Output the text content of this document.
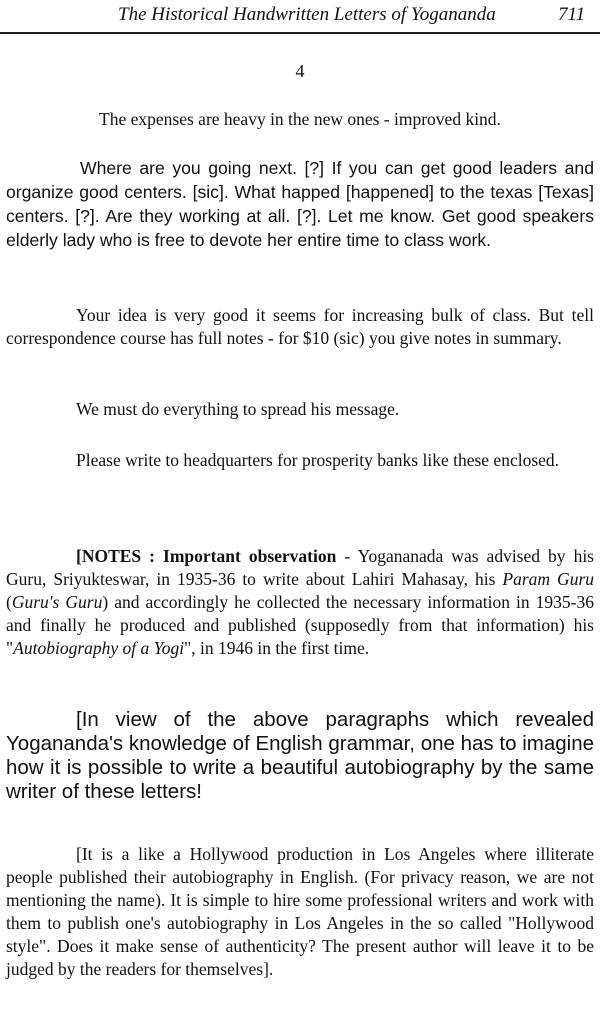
The Historical Handwritten Letters of Yogananda	711
4

The expenses are heavy in the new ones - improved kind.

Where are you going next. [?] If you can get good leaders and organize good centers. [sic]. What happed [happened] to the texas [Texas] centers. [?]. Are they working at all. [?]. Let me know. Get good speakers elderly lady who is free to devote her entire time to class work.

Your idea is very good it seems for increasing bulk of class. But tell correspondence course has full notes - for $10 (sic) you give notes in summary.

We must do everything to spread his message.

Please write to headquarters for prosperity banks like these enclosed.

[NOTES : Important observation - Yogananada was advised by his Guru, Sriyukteswar, in 1935-36 to write about Lahiri Mahasay, his Param Guru (Guru's Guru) and accordingly he collected the necessary information in 1935-36 and finally he produced and published (supposedly from that information) his "Autobiography of a Yogi", in 1946 in the first time.

[In view of the above paragraphs which revealed Yogananda's knowledge of English grammar, one has to imagine how it is possible to write a beautiful autobiography by the same writer of these letters!

[It is a like a Hollywood production in Los Angeles where illiterate people published their autobiography in English. (For privacy reason, we are not mentioning the name). It is simple to hire some professional writers and work with them to publish one's autobiography in Los Angeles in the so called "Hollywood style". Does it make sense of authenticity? The present author will leave it to be judged by the readers for themselves].
